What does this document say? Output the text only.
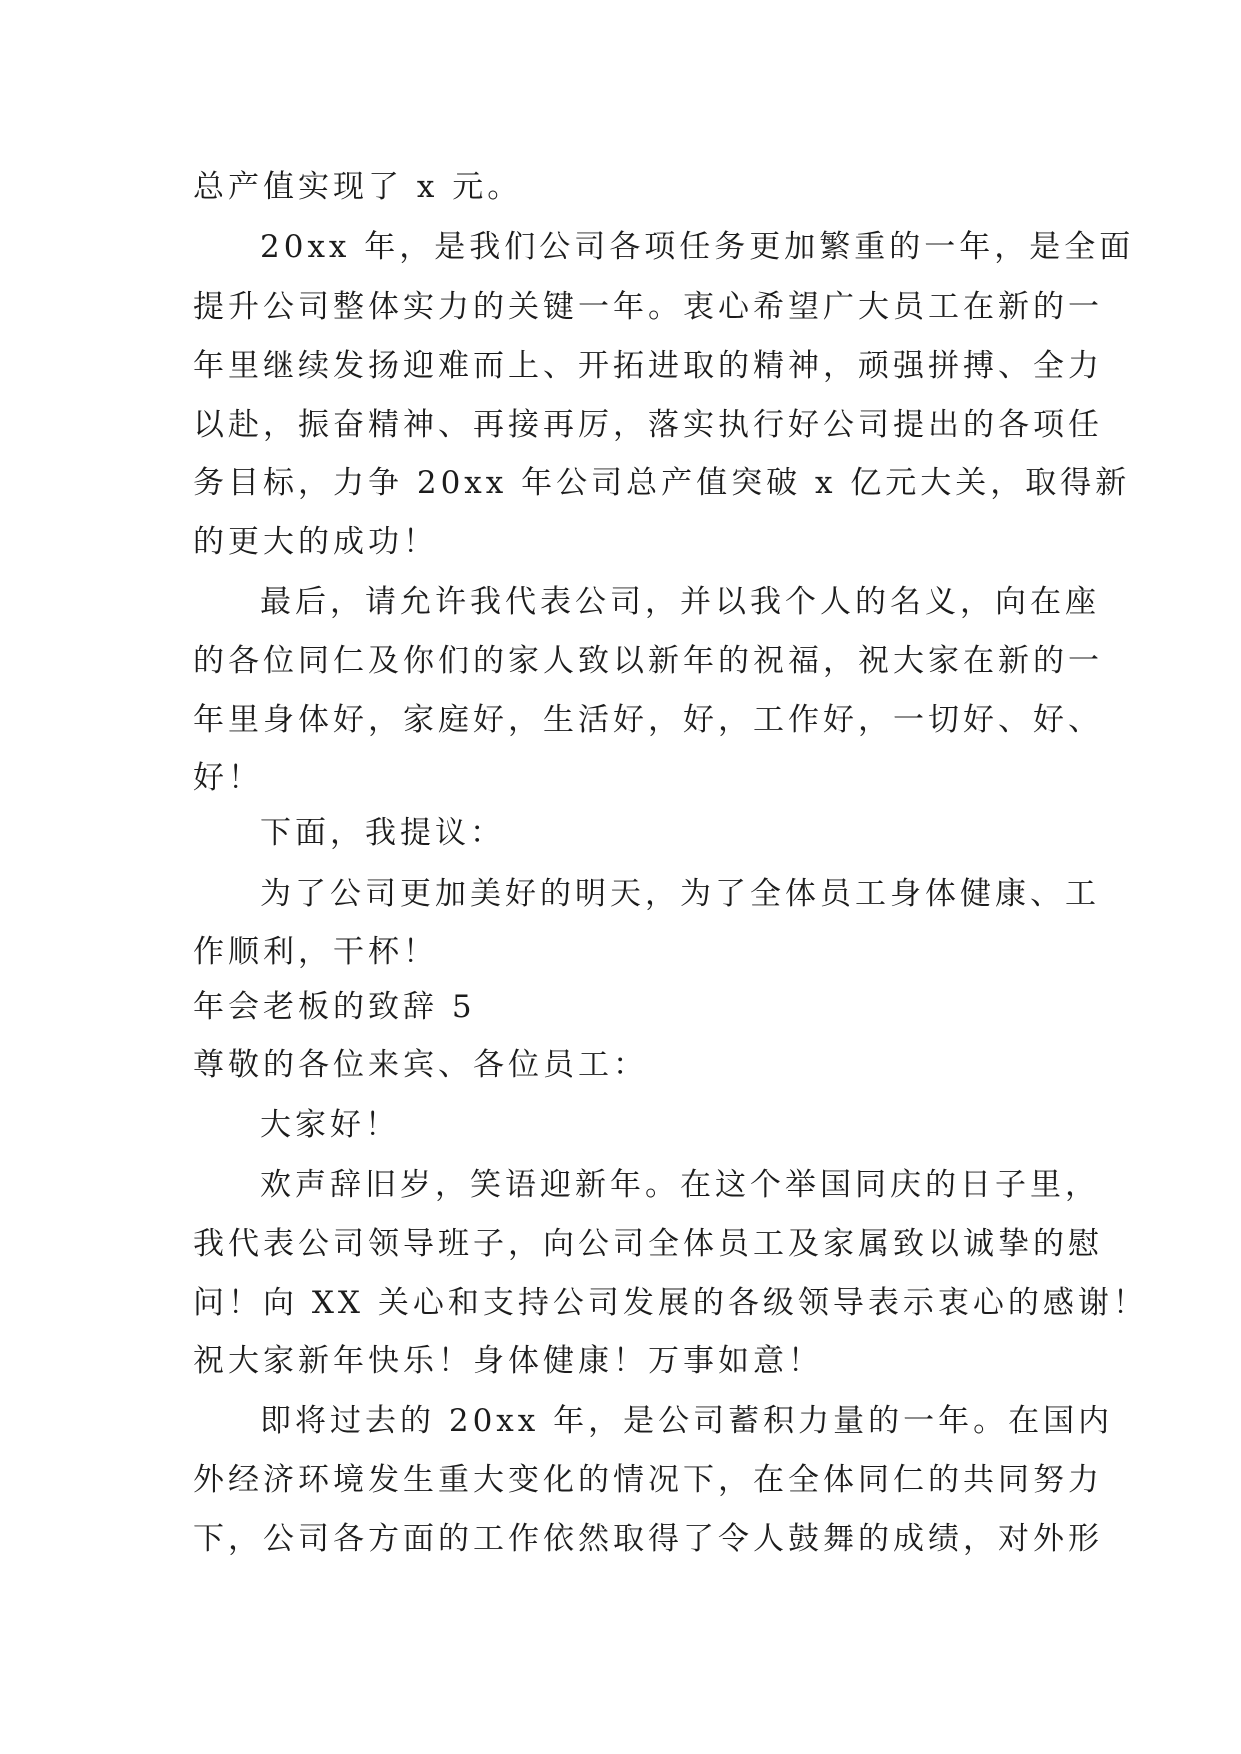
总产值实现了 x 元。

20xx 年，是我们公司各项任务更加繁重的一年，是全面

提升公司整体实力的关键一年。衷心希望广大员工在新的一

年里继续发扬迎难而上、开拓进取的精神，顽强拼搏、全力

以赴，振奋精神、再接再厉，落实执行好公司提出的各项任

务目标，力争 20xx 年公司总产值突破 x 亿元大关，取得新

的更大的成功！

最后，请允许我代表公司，并以我个人的名义，向在座

的各位同仁及你们的家人致以新年的祝福，祝大家在新的一

年里身体好，家庭好，生活好，好，工作好，一切好、好、

好！

下面，我提议：

为了公司更加美好的明天，为了全体员工身体健康、工

作顺利，干杯！

年会老板的致辞 5

尊敬的各位来宾、各位员工：

大家好！

欢声辞旧岁，笑语迎新年。在这个举国同庆的日子里，

我代表公司领导班子，向公司全体员工及家属致以诚挚的慰

问！向 XX 关心和支持公司发展的各级领导表示衷心的感谢！

祝大家新年快乐！身体健康！万事如意！

即将过去的 20xx 年，是公司蓄积力量的一年。在国内

外经济环境发生重大变化的情况下，在全体同仁的共同努力

下，公司各方面的工作依然取得了令人鼓舞的成绩，对外形
